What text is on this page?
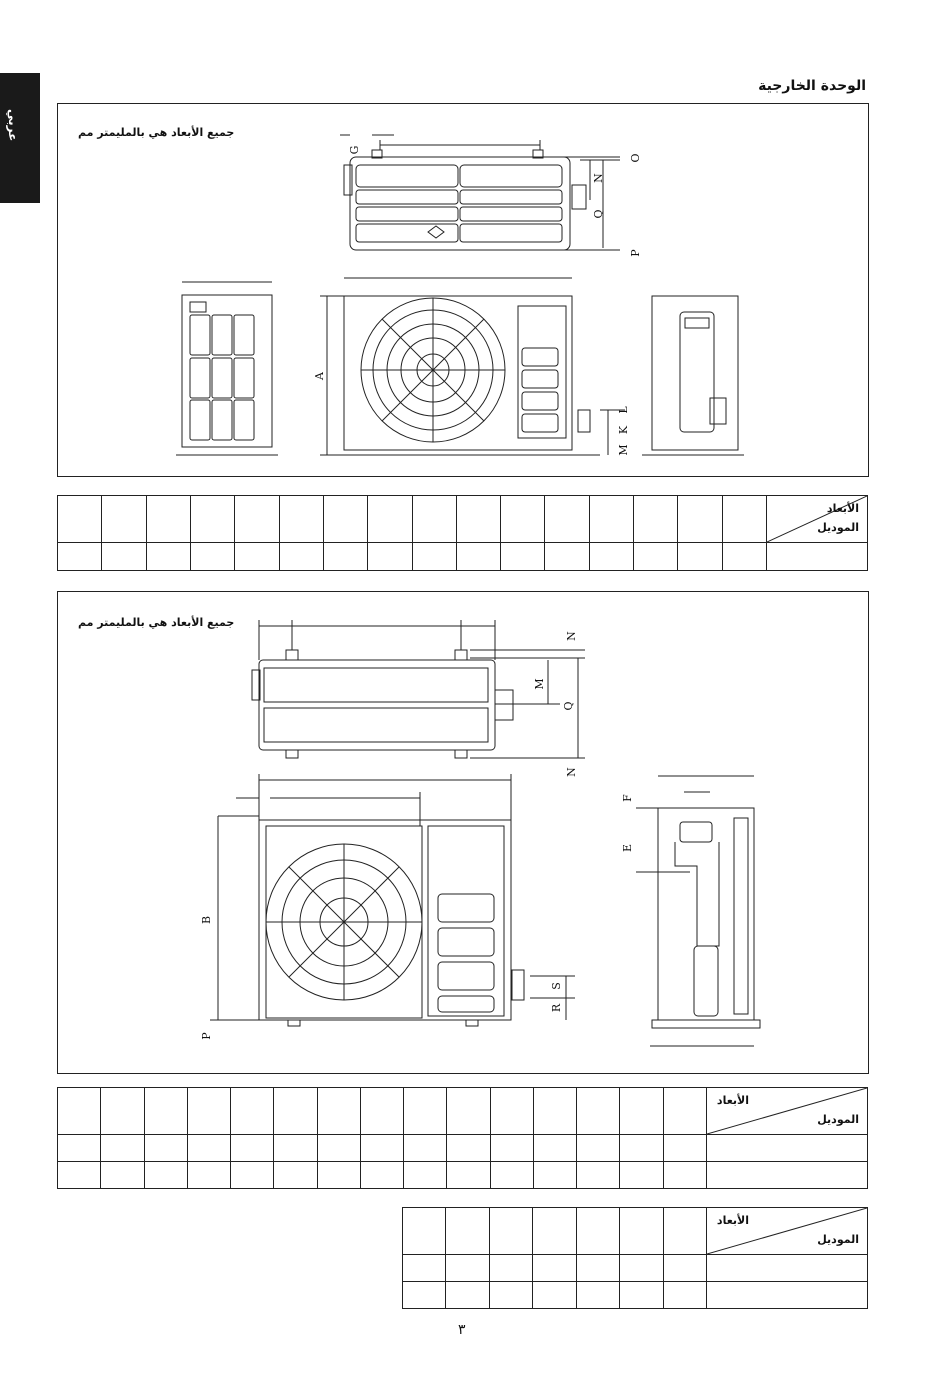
عربي
الوحدة الخارجية
جميع الأبعاد هي بالمليمتر مم
G
O
N
Q
P
A
L
K
M

																الأبعاد
الموديل

جميع الأبعاد هي بالمليمتر مم
N
M
Q
N
F
E
B
S
R
P

															الأبعاد
الموديل

							الأبعاد
الموديل

٣
